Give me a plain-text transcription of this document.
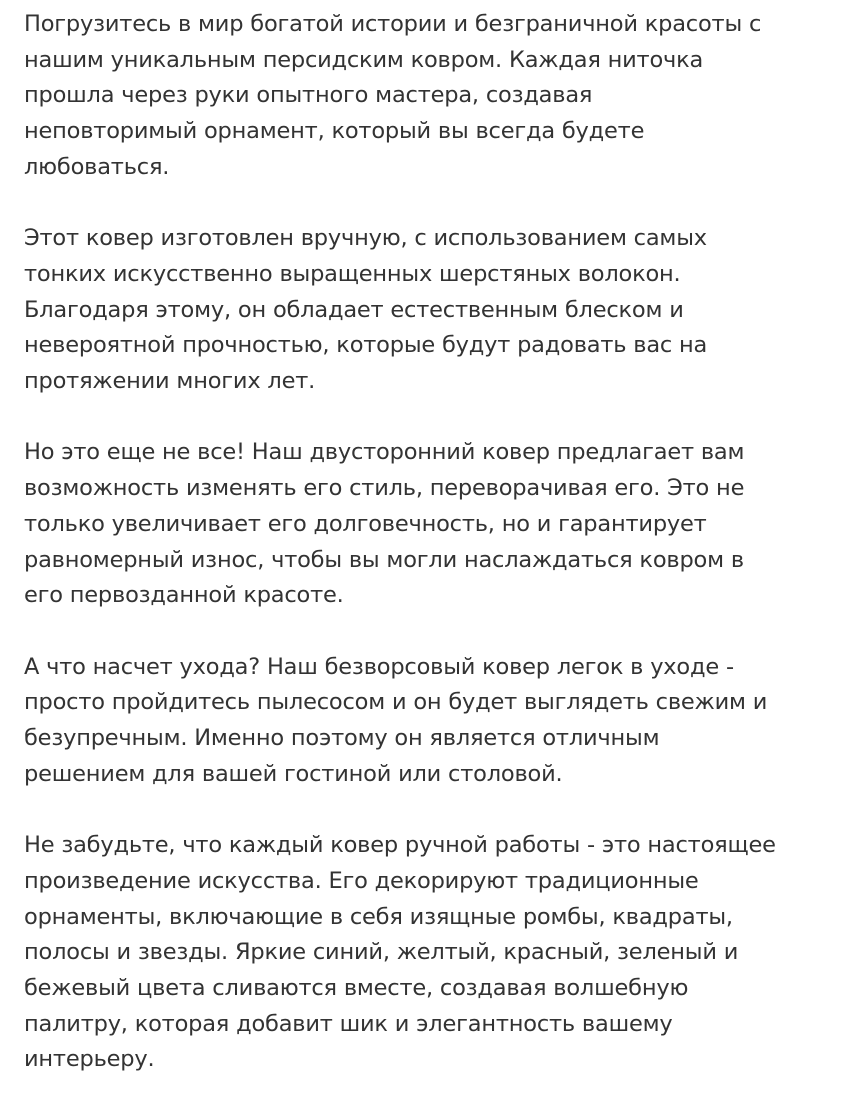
Погрузитесь в мир богатой истории и безграничной красоты с
нашим уникальным персидским ковром. Каждая ниточка
прошла через руки опытного мастера, создавая
неповторимый орнамент, который вы всегда будете
любоваться.

Этот ковер изготовлен вручную, с использованием самых
тонких искусственно выращенных шерстяных волокон.
Благодаря этому, он обладает естественным блеском и
невероятной прочностью, которые будут радовать вас на
протяжении многих лет.

Но это еще не все! Наш двусторонний ковер предлагает вам
возможность изменять его стиль, переворачивая его. Это не
только увеличивает его долговечность, но и гарантирует
равномерный износ, чтобы вы могли наслаждаться ковром в
его первозданной красоте.

А что насчет ухода? Наш безворсовый ковер легок в уходе -
просто пройдитесь пылесосом и он будет выглядеть свежим и
безупречным. Именно поэтому он является отличным
решением для вашей гостиной или столовой.

Не забудьте, что каждый ковер ручной работы - это настоящее
произведение искусства. Его декорируют традиционные
орнаменты, включающие в себя изящные ромбы, квадраты,
полосы и звезды. Яркие синий, желтый, красный, зеленый и
бежевый цвета сливаются вместе, создавая волшебную
палитру, которая добавит шик и элегантность вашему
интерьеру.
